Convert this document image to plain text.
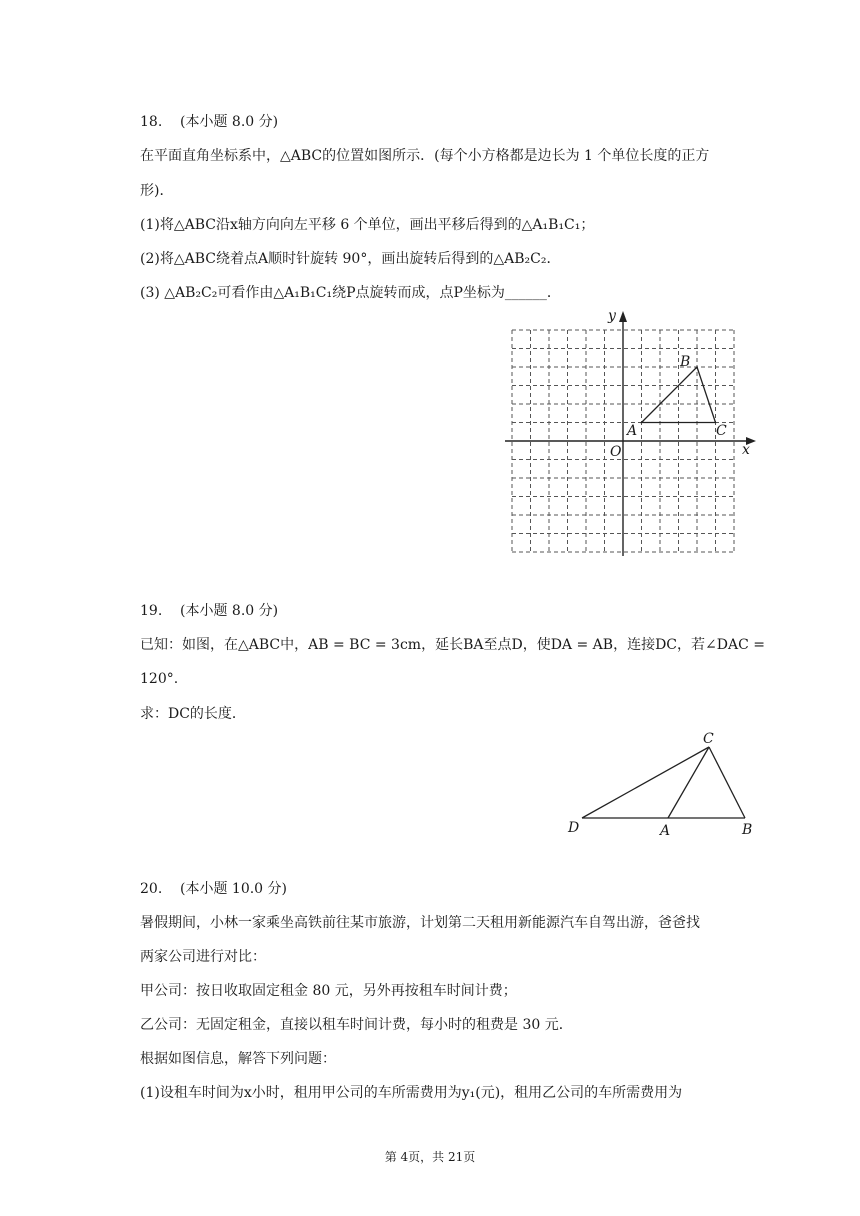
18. (本小题 8.0 分)
在平面直角坐标系中，△ABC的位置如图所示．(每个小方格都是边长为 1 个单位长度的正方
形)．
(1)将△ABC沿x轴方向向左平移 6 个单位，画出平移后得到的△A₁B₁C₁；
(2)将△ABC绕着点A顺时针旋转 90°，画出旋转后得到的△AB₂C₂．
(3) △AB₂C₂可看作由△A₁B₁C₁绕P点旋转而成，点P坐标为______．
y
x
O
A
B
C
19. (本小题 8.0 分)
已知：如图，在△ABC中，AB = BC = 3cm，延长BA至点D，使DA = AB，连接DC，若∠DAC =
120°.
求：DC的长度．
C
D	A	B
20. (本小题 10.0 分)
暑假期间，小林一家乘坐高铁前往某市旅游，计划第二天租用新能源汽车自驾出游，爸爸找
两家公司进行对比：
甲公司：按日收取固定租金 80 元，另外再按租车时间计费；
乙公司：无固定租金，直接以租车时间计费，每小时的租费是 30 元．
根据如图信息，解答下列问题：
(1)设租车时间为x小时，租用甲公司的车所需费用为y₁(元)，租用乙公司的车所需费用为
第 4页，共 21页
